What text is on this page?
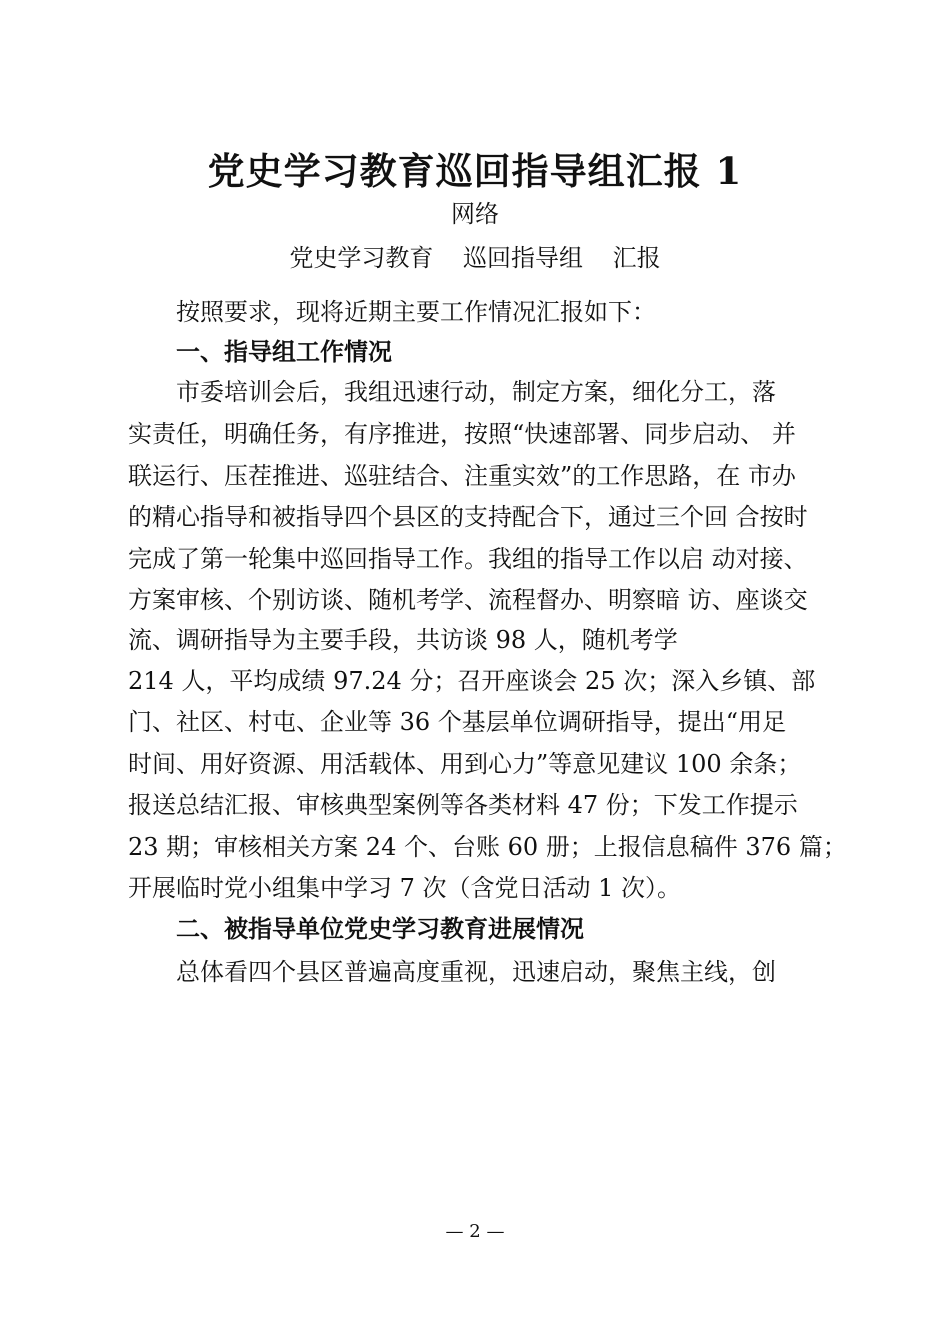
党史学习教育巡回指导组汇报 1
网络
党史学习教育 巡回指导组 汇报
按照要求，现将近期主要工作情况汇报如下：
一、指导组工作情况
市委培训会后，我组迅速行动，制定方案，细化分工，落
实责任，明确任务，有序推进，按照“快速部署、同步启动、 并
联运行、压茬推进、巡驻结合、注重实效”的工作思路，在 市办
的精心指导和被指导四个县区的支持配合下，通过三个回 合按时
完成了第一轮集中巡回指导工作。我组的指导工作以启 动对接、
方案审核、个别访谈、随机考学、流程督办、明察暗 访、座谈交
流、调研指导为主要手段，共访谈 98 人，随机考学
214 人，平均成绩 97.24 分；召开座谈会 25 次；深入乡镇、部
门、社区、村屯、企业等 36 个基层单位调研指导，提出“用足
时间、用好资源、用活载体、用到心力”等意见建议 100 余条；
报送总结汇报、审核典型案例等各类材料 47 份；下发工作提示
23 期；审核相关方案 24 个、台账 60 册；上报信息稿件 376 篇；
开展临时党小组集中学习 7 次（含党日活动 1 次）。
二、被指导单位党史学习教育进展情况
总体看四个县区普遍高度重视，迅速启动，聚焦主线，创
— 2 —
